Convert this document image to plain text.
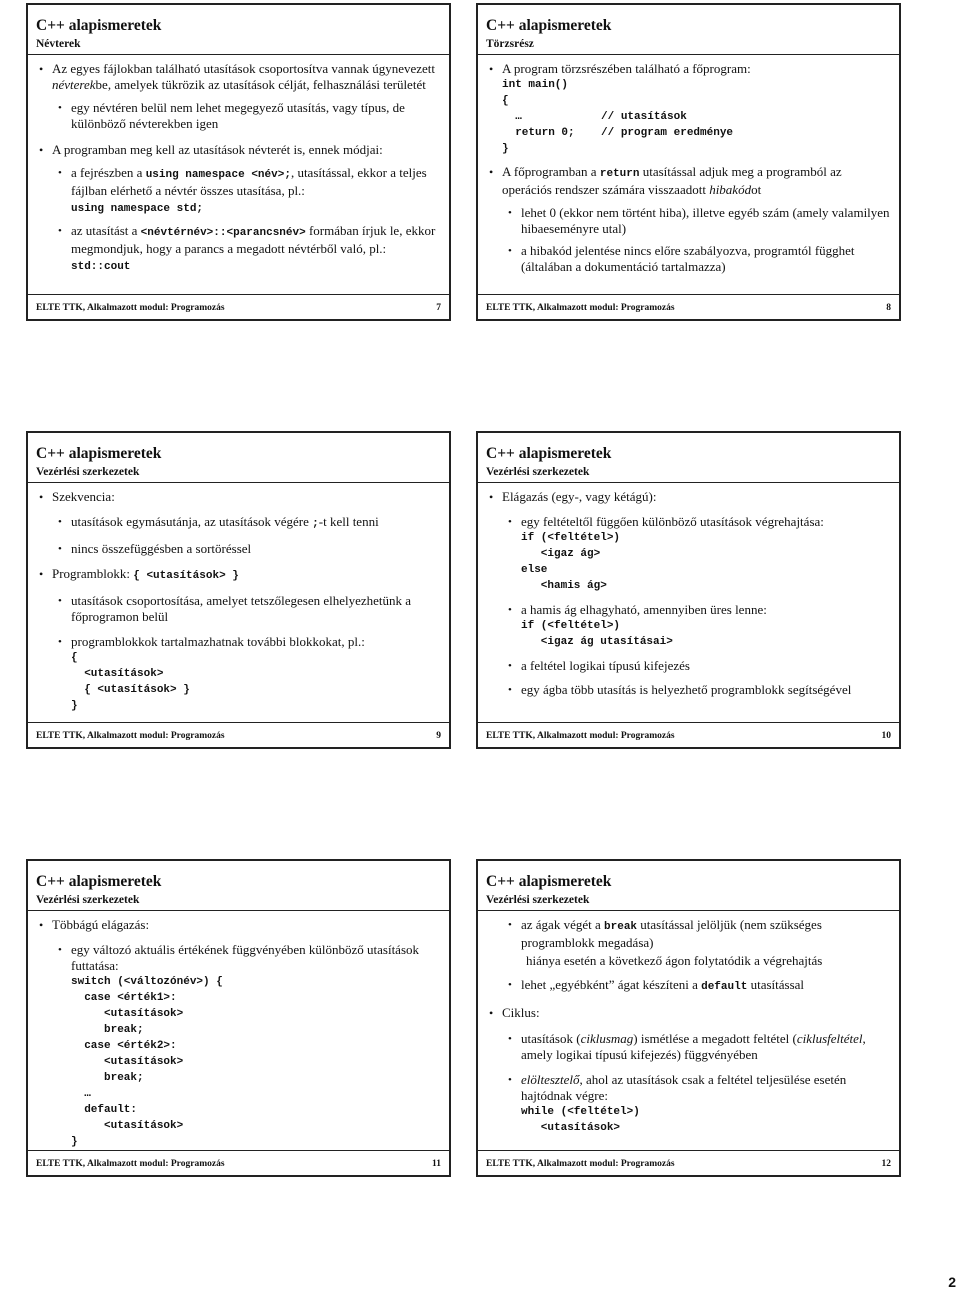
C++ alapismeretek
Névterek
• Az egyes fájlokban található utasítások csoportosítva vannak úgynevezett névterekbe, amelyek tükrözik az utasítások célját, felhasználási területét
• egy névtéren belül nem lehet megegyező utasítás, vagy típus, de különböző névterekben igen
• A programban meg kell az utasítások névterét is, ennek módjai:
• a fejrészben a using namespace <név>;, utasítással, ekkor a teljes fájlban elérhető a névtér összes utasítása, pl.:
using namespace std;
• az utasítást a <névtérnév>::<parancsnév> formában írjuk le, ekkor megmondjuk, hogy a parancs a megadott névtérből való, pl.: std::cout
ELTE TTK, Alkalmazott modul: Programozás	7
C++ alapismeretek
Törzsrész
• A program törzsrészében található a főprogram:
int main()
{
…            // utasítások
return 0;    // program eredménye
}
• A főprogramban a return utasítással adjuk meg a programból az operációs rendszer számára visszaadott hibakódot
• lehet 0 (ekkor nem történt hiba), illetve egyéb szám (amely valamilyen hibaeseményre utal)
• a hibakód jelentése nincs előre szabályozva, programtól függhet (általában a dokumentáció tartalmazza)
ELTE TTK, Alkalmazott modul: Programozás	8
C++ alapismeretek
Vezérlési szerkezetek
• Szekvencia:
• utasítások egymásutánja, az utasítások végére ;-t kell tenni
• nincs összefüggésben a sortöréssel
• Programblokk: { <utasítások> }
• utasítások csoportosítása, amelyet tetszőlegesen elhelyezhetünk a főprogramon belül
• programblokkok tartalmazhatnak további blokkokat, pl.:
{
<utasítások>
{ <utasítások> }
}
ELTE TTK, Alkalmazott modul: Programozás	9
C++ alapismeretek
Vezérlési szerkezetek
• Elágazás (egy-, vagy kétágú):
• egy feltételtől függően különböző utasítások végrehajtása:
if (<feltétel>)
<igaz ág>
else
<hamis ág>
• a hamis ág elhagyható, amennyiben üres lenne:
if (<feltétel>)
<igaz ág utasításai>
• a feltétel logikai típusú kifejezés
• egy ágba több utasítás is helyezhető programblokk segítségével
ELTE TTK, Alkalmazott modul: Programozás	10
C++ alapismeretek
Vezérlési szerkezetek
• Többágú elágazás:
• egy változó aktuális értékének függvényében különböző utasítások futtatása:
switch (<változónév>) {
case <érték1>:
<utasítások>
break;
case <érték2>:
<utasítások>
break;
…
default:
<utasítások>
}
ELTE TTK, Alkalmazott modul: Programozás	11
C++ alapismeretek
Vezérlési szerkezetek
• az ágak végét a break utasítással jelöljük (nem szükséges programblokk megadása)
hiánya esetén a következő ágon folytatódik a végrehajtás
• lehet „egyébként” ágat készíteni a default utasítással
• Ciklus:
• utasítások (ciklusmag) ismétlése a megadott feltétel (ciklusfeltétel, amely logikai típusú kifejezés) függvényében
• elöltesztelő, ahol az utasítások csak a feltétel teljesülése esetén hajtódnak végre:
while (<feltétel>)
<utasítások>
ELTE TTK, Alkalmazott modul: Programozás	12
2
